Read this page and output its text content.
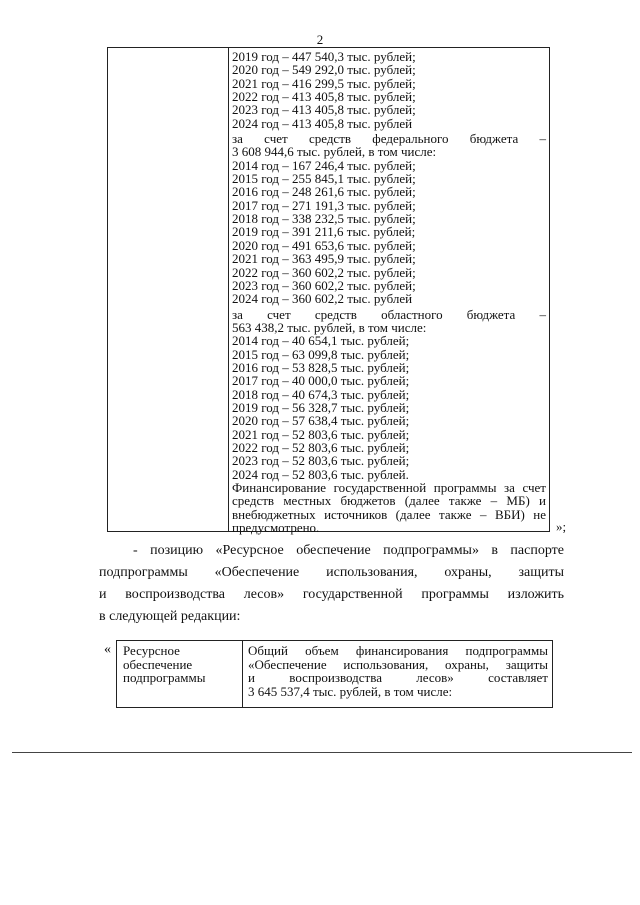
2
2019 год – 447 540,3 тыс. рублей;
2020 год – 549 292,0 тыс. рублей;
2021 год – 416 299,5 тыс. рублей;
2022 год – 413 405,8 тыс. рублей;
2023 год – 413 405,8 тыс. рублей;
2024 год – 413 405,8 тыс. рублей
за счет средств федерального бюджета –
3 608 944,6 тыс. рублей, в том числе:
2014 год – 167 246,4 тыс. рублей;
2015 год – 255 845,1 тыс. рублей;
2016 год – 248 261,6 тыс. рублей;
2017 год – 271 191,3 тыс. рублей;
2018 год – 338 232,5 тыс. рублей;
2019 год – 391 211,6 тыс. рублей;
2020 год – 491 653,6 тыс. рублей;
2021 год – 363 495,9 тыс. рублей;
2022 год – 360 602,2 тыс. рублей;
2023 год – 360 602,2 тыс. рублей;
2024 год – 360 602,2 тыс. рублей
за счет средств областного бюджета –
563 438,2 тыс. рублей, в том числе:
2014 год – 40 654,1 тыс. рублей;
2015 год – 63 099,8 тыс. рублей;
2016 год – 53 828,5 тыс. рублей;
2017 год – 40 000,0 тыс. рублей;
2018 год – 40 674,3 тыс. рублей;
2019 год – 56 328,7 тыс. рублей;
2020 год – 57 638,4 тыс. рублей;
2021 год – 52 803,6 тыс. рублей;
2022 год – 52 803,6 тыс. рублей;
2023 год – 52 803,6 тыс. рублей;
2024 год – 52 803,6 тыс. рублей.
Финансирование государственной программы за счет средств местных бюджетов (далее также – МБ) и внебюджетных источников (далее также – ВБИ) не предусмотрено.	»;

- позицию «Ресурсное обеспечение подпрограммы» в паспорте

подпрограммы «Обеспечение использования, охраны, защиты

и воспроизводства лесов» государственной программы изложить

в следующей редакции:

« Ресурсное обеспечение подпрограммы
Общий объем финансирования подпрограммы
«Обеспечение использования, охраны, защиты
и воспроизводства лесов» составляет
3 645 537,4 тыс. рублей, в том числе:
